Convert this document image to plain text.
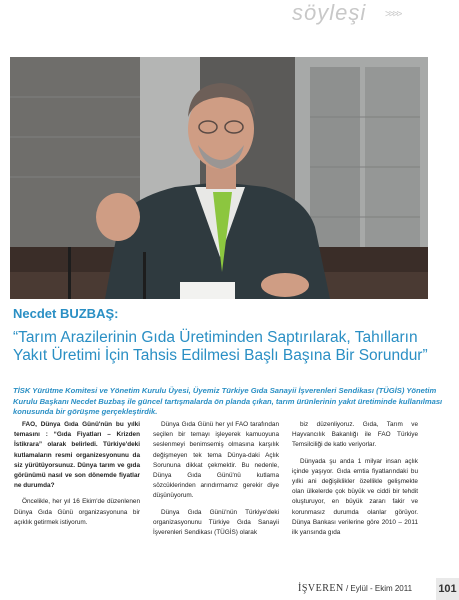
söyleşi >>>>
Necdet BUZBAŞ:
“Tarım Arazilerinin Gıda Üretiminden Saptırılarak, Tahılların Yakıt Üretimi İçin Tahsis Edilmesi Başlı Başına Bir Sorundur”
TİSK Yürütme Komitesi ve Yönetim Kurulu Üyesi, Üyemiz Türkiye Gıda Sanayii İşverenleri Sendikası (TÜGİS) Yönetim Kurulu Başkanı Necdet Buzbaş ile güncel tartışmalarda ön planda çıkan, tarım ürünlerinin yakıt üretiminde kullanılması konusunda bir görüşme gerçekleştirdik.

FAO, Dünya Gıda Günü'nün bu yılki temasını : “Gıda Fiyatları – Krizden İstikrara” olarak belirledi. Türkiye'deki kutlamaların resmi organizesyonunu da siz yürütüyorsunuz. Dünya tarım ve gıda görünümü nasıl ve son dönemde fiyatlar ne durumda?

Öncelikle, her yıl 16 Ekim'de düzenlenen Dünya Gıda Günü organizasyonuna bir açıklık getirmek istiyorum.

Dünya Gıda Günü her yıl FAO tarafından seçilen bir temayı işleyerek kamuoyuna seslenmeyi benimsemiş olmasına karşılık değişmeyen tek tema Dünya-daki Açlık Sorununa dikkat çekmektir. Bu nedenle, Dünya Gıda Günü'nü kutlama sözcüklerinden arındırmamız gerekir diye düşünüyorum.

Dünya Gıda Günü'nün Türkiye'deki organizasyonunu Türkiye Gıda Sanayii İşverenleri Sendikası (TÜGİS) olarak

biz düzenliyoruz. Gıda, Tarım ve Hayvancılık Bakanlığı ile FAO Türkiye Temsilciliği de katkı veriyorlar.

Dünyada şu anda 1 milyar insan açlık içinde yaşıyor. Gıda emtia fiyatlarındaki bu yılki ani değişiklikler özellikle gelişmekte olan ülkelerde çok büyük ve ciddi bir tehdit oluşturuyor, en büyük zararı fakir ve korunmasız durumda olanlar görüyor. Dünya Bankası verilerine göre 2010 – 2011 ilk yarısında gıda

İŞVEREN / Eylül - Ekim 2011 101
